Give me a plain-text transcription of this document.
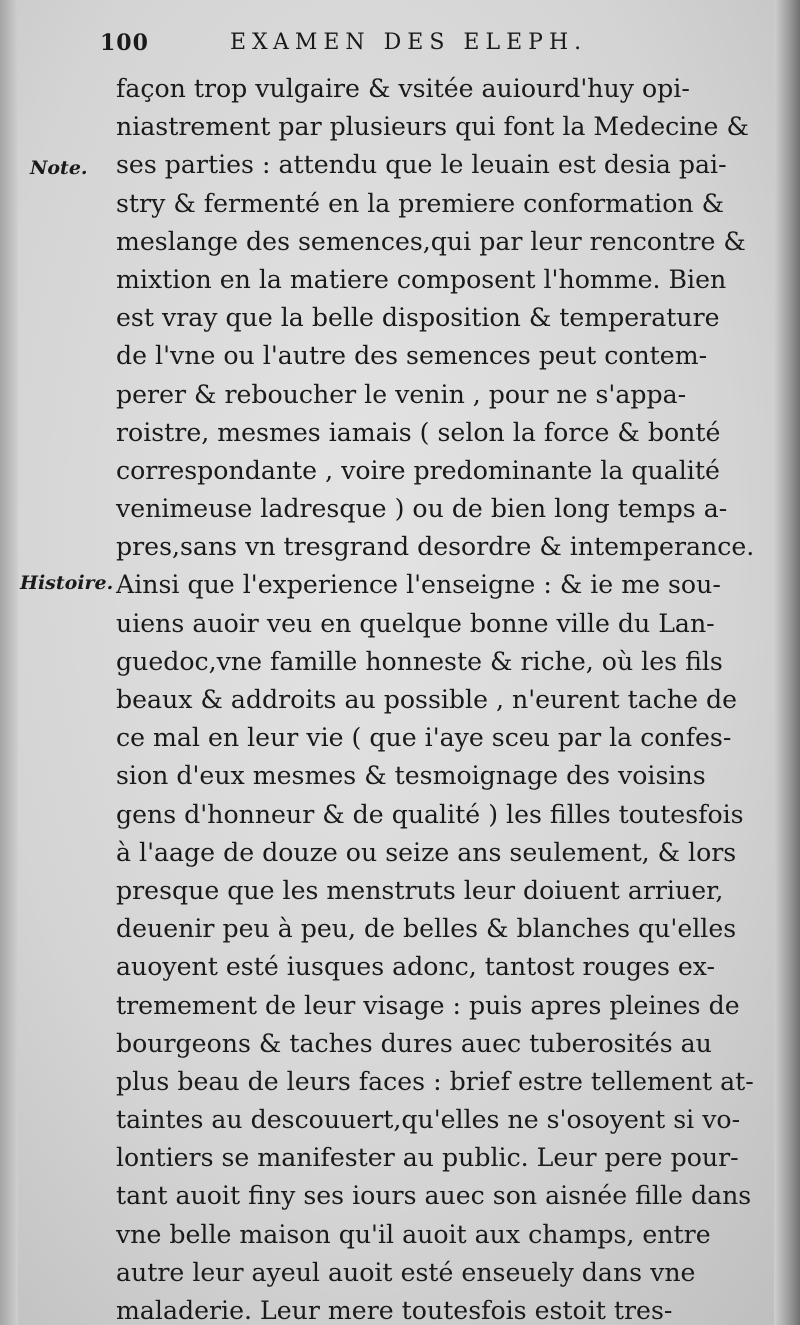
100	EXAMEN DES ELEPH.
Note.
Histoire.
façon trop vulgaire & vsitée auiourd'huy opi-
niastrement par plusieurs qui font la Medecine &
ses parties : attendu que le leuain est desia pai-
stry & fermenté en la premiere conformation &
meslange des semences,qui par leur rencontre &
mixtion en la matiere composent l'homme. Bien
est vray que la belle disposition & temperature
de l'vne ou l'autre des semences peut contem-
perer & reboucher le venin , pour ne s'appa-
roistre, mesmes iamais ( selon la force & bonté
correspondante , voire predominante la qualité
venimeuse ladresque ) ou de bien long temps a-
pres,sans vn tresgrand desordre & intemperance.
Ainsi que l'experience l'enseigne : & ie me sou-
uiens auoir veu en quelque bonne ville du Lan-
guedoc,vne famille honneste & riche, où les fils
beaux & addroits au possible , n'eurent tache de
ce mal en leur vie ( que i'aye sceu par la confes-
sion d'eux mesmes & tesmoignage des voisins
gens d'honneur & de qualité ) les filles toutesfois
à l'aage de douze ou seize ans seulement, & lors
presque que les menstruts leur doiuent arriuer,
deuenir peu à peu, de belles & blanches qu'elles
auoyent esté iusques adonc, tantost rouges ex-
tremement de leur visage : puis apres pleines de
bourgeons & taches dures auec tuberosités au
plus beau de leurs faces : brief estre tellement at-
taintes au descouuert,qu'elles ne s'osoyent si vo-
lontiers se manifester au public. Leur pere pour-
tant auoit finy ses iours auec son aisnée fille dans
vne belle maison qu'il auoit aux champs, entre
autre leur ayeul auoit esté enseuely dans vne
maladerie. Leur mere toutesfois estoit tres-
